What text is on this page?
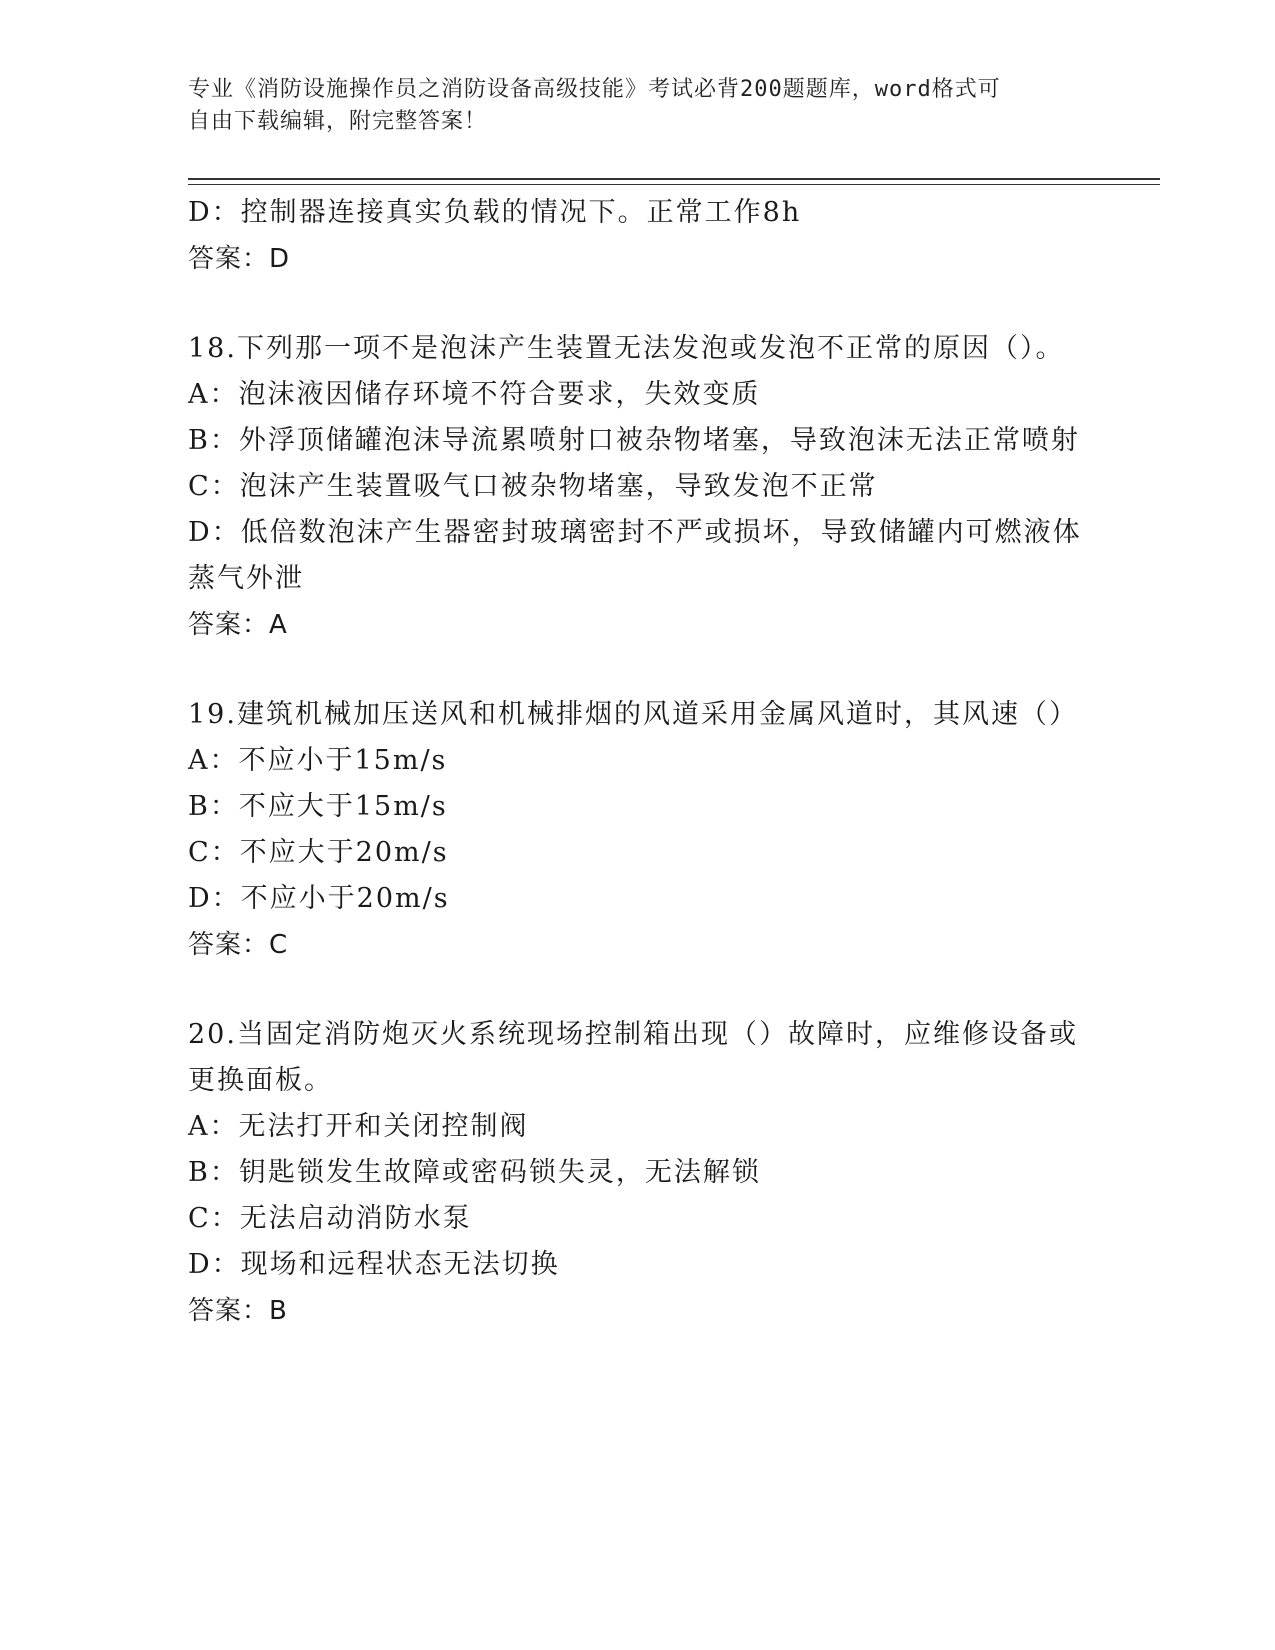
专业《消防设施操作员之消防设备高级技能》考试必背200题题库，word格式可
自由下载编辑，附完整答案！
D：控制器连接真实负载的情况下。正常工作8h
答案：D
18.下列那一项不是泡沫产生装置无法发泡或发泡不正常的原因（）。
A：泡沫液因储存环境不符合要求，失效变质
B：外浮顶储罐泡沫导流累喷射口被杂物堵塞，导致泡沫无法正常喷射
C：泡沫产生装置吸气口被杂物堵塞，导致发泡不正常
D：低倍数泡沫产生器密封玻璃密封不严或损坏，导致储罐内可燃液体
蒸气外泄
答案：A
19.建筑机械加压送风和机械排烟的风道采用金属风道时，其风速（）
A：不应小于15m/s
B：不应大于15m/s
C：不应大于20m/s
D：不应小于20m/s
答案：C
20.当固定消防炮灭火系统现场控制箱出现（）故障时，应维修设备或
更换面板。
A：无法打开和关闭控制阀
B：钥匙锁发生故障或密码锁失灵，无法解锁
C：无法启动消防水泵
D：现场和远程状态无法切换
答案：B
